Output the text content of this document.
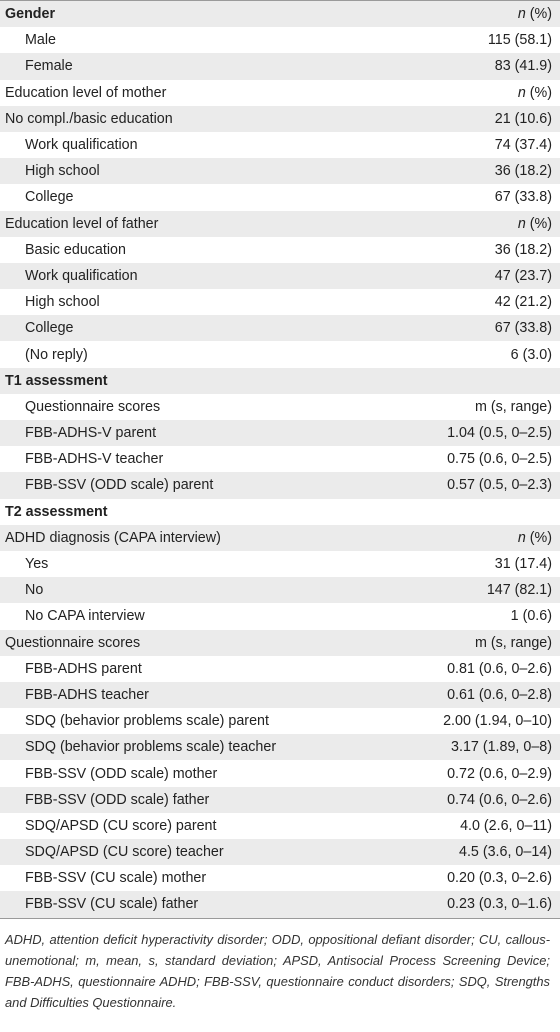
Gender	n (%)
Male	115 (58.1)
Female	83 (41.9)
Education level of mother	n (%)
No compl./basic education	21 (10.6)
Work qualification	74 (37.4)
High school	36 (18.2)
College	67 (33.8)
Education level of father	n (%)
Basic education	36 (18.2)
Work qualification	47 (23.7)
High school	42 (21.2)
College	67 (33.8)
(No reply)	6 (3.0)
T1 assessment	
Questionnaire scores	m (s, range)
FBB-ADHS-V parent	1.04 (0.5, 0–2.5)
FBB-ADHS-V teacher	0.75 (0.6, 0–2.5)
FBB-SSV (ODD scale) parent	0.57 (0.5, 0–2.3)
T2 assessment	
ADHD diagnosis (CAPA interview)	n (%)
Yes	31 (17.4)
No	147 (82.1)
No CAPA interview	1 (0.6)
Questionnaire scores	m (s, range)
FBB-ADHS parent	0.81 (0.6, 0–2.6)
FBB-ADHS teacher	0.61 (0.6, 0–2.8)
SDQ (behavior problems scale) parent	2.00 (1.94, 0–10)
SDQ (behavior problems scale) teacher	3.17 (1.89, 0–8)
FBB-SSV (ODD scale) mother	0.72 (0.6, 0–2.9)
FBB-SSV (ODD scale) father	0.74 (0.6, 0–2.6)
SDQ/APSD (CU score) parent	4.0 (2.6, 0–11)
SDQ/APSD (CU score) teacher	4.5 (3.6, 0–14)
FBB-SSV (CU scale) mother	0.20 (0.3, 0–2.6)
FBB-SSV (CU scale) father	0.23 (0.3, 0–1.6)
ADHD, attention deficit hyperactivity disorder; ODD, oppositional defiant disorder; CU, callous-unemotional; m, mean, s, standard deviation; APSD, Antisocial Process Screening Device; FBB-ADHS, questionnaire ADHD; FBB-SSV, questionnaire conduct disorders; SDQ, Strengths and Difficulties Questionnaire.
